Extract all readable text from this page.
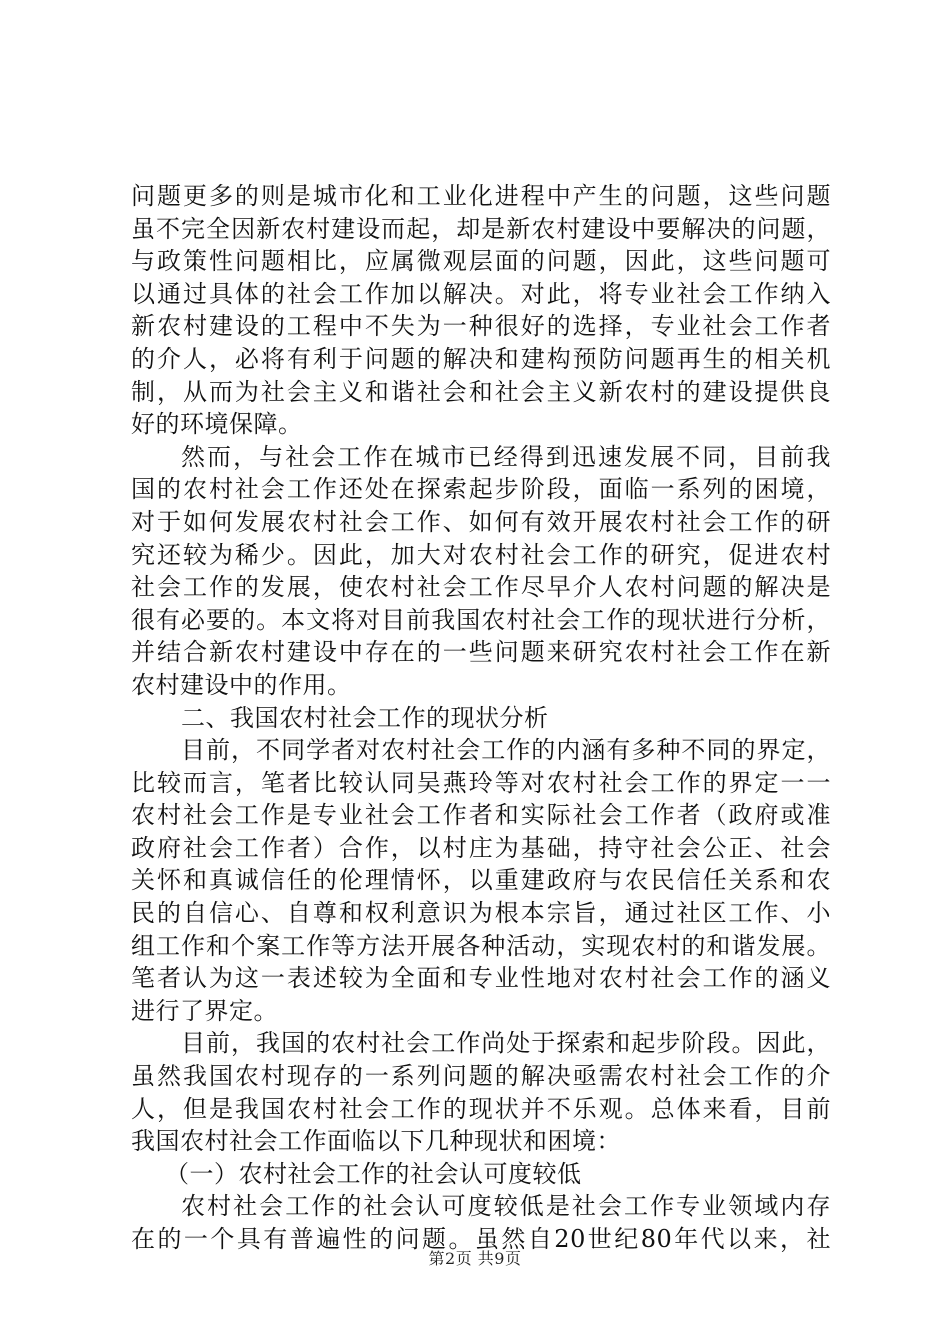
问题更多的则是城市化和工业化进程中产生的问题，这些问题
虽不完全因新农村建设而起，却是新农村建设中要解决的问题，
与政策性问题相比，应属微观层面的问题，因此，这些问题可
以通过具体的社会工作加以解决。对此，将专业社会工作纳入
新农村建设的工程中不失为一种很好的选择，专业社会工作者
的介人，必将有利于问题的解决和建构预防问题再生的相关机
制，从而为社会主义和谐社会和社会主义新农村的建设提供良
好的环境保障。
然而，与社会工作在城市已经得到迅速发展不同，目前我
国的农村社会工作还处在探索起步阶段，面临一系列的困境，
对于如何发展农村社会工作、如何有效开展农村社会工作的研
究还较为稀少。因此，加大对农村社会工作的研究，促进农村
社会工作的发展，使农村社会工作尽早介人农村问题的解决是
很有必要的。本文将对目前我国农村社会工作的现状进行分析，
并结合新农村建设中存在的一些问题来研究农村社会工作在新
农村建设中的作用。
二、我国农村社会工作的现状分析
目前，不同学者对农村社会工作的内涵有多种不同的界定，
比较而言，笔者比较认同吴燕玲等对农村社会工作的界定一一
农村社会工作是专业社会工作者和实际社会工作者（政府或准
政府社会工作者）合作，以村庄为基础，持守社会公正、社会
关怀和真诚信任的伦理情怀，以重建政府与农民信任关系和农
民的自信心、自尊和权利意识为根本宗旨，通过社区工作、小
组工作和个案工作等方法开展各种活动，实现农村的和谐发展。
笔者认为这一表述较为全面和专业性地对农村社会工作的涵义
进行了界定。
目前，我国的农村社会工作尚处于探索和起步阶段。因此，
虽然我国农村现存的一系列问题的解决亟需农村社会工作的介
人，但是我国农村社会工作的现状并不乐观。总体来看，目前
我国农村社会工作面临以下几种现状和困境：
（一）农村社会工作的社会认可度较低
农村社会工作的社会认可度较低是社会工作专业领域内存
在的一个具有普遍性的问题。虽然自20世纪80年代以来，社
第2页 共9页
